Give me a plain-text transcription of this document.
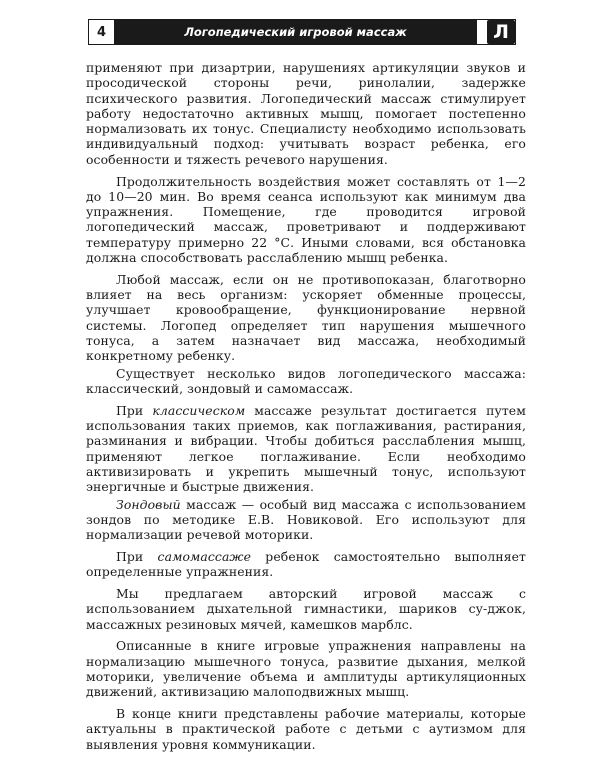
4	Логопедический игровой массаж	Л

применяют при дизартрии, нарушениях артикуляции звуков и просодической стороны речи, ринолалии, задержке психического развития. Логопедический массаж стимулирует работу недостаточно активных мышц, помогает постепенно нормализовать их тонус. Специалисту необходимо использовать индивидуальный подход: учитывать возраст ребенка, его особенности и тяжесть речевого нарушения.

Продолжительность воздействия может составлять от 1—2 до 10—20 мин. Во время сеанса используют как минимум два упражнения. Помещение, где проводится игровой логопедический массаж, проветривают и поддерживают температуру примерно 22 °С. Иными словами, вся обстановка должна способствовать расслаблению мышц ребенка.

Любой массаж, если он не противопоказан, благотворно влияет на весь организм: ускоряет обменные процессы, улучшает кровообращение, функционирование нервной системы. Логопед определяет тип нарушения мышечного тонуса, а затем назначает вид массажа, необходимый конкретному ребенку.

Существует несколько видов логопедического массажа: классический, зондовый и самомассаж.

При классическом массаже результат достигается путем использования таких приемов, как поглаживания, растирания, разминания и вибрации. Чтобы добиться расслабления мышц, применяют легкое поглаживание. Если необходимо активизировать и укрепить мышечный тонус, используют энергичные и быстрые движения.

Зондовый массаж — особый вид массажа с использованием зондов по методике Е.В. Новиковой. Его используют для нормализации речевой моторики.

При самомассаже ребенок самостоятельно выполняет определенные упражнения.

Мы предлагаем авторский игровой массаж с использованием дыхательной гимнастики, шариков су-джок, массажных резиновых мячей, камешков марблс.

Описанные в книге игровые упражнения направлены на нормализацию мышечного тонуса, развитие дыхания, мелкой моторики, увеличение объема и амплитуды артикуляционных движений, активизацию малоподвижных мышц.

В конце книги представлены рабочие материалы, которые актуальны в практической работе с детьми с аутизмом для выявления уровня коммуникации.
